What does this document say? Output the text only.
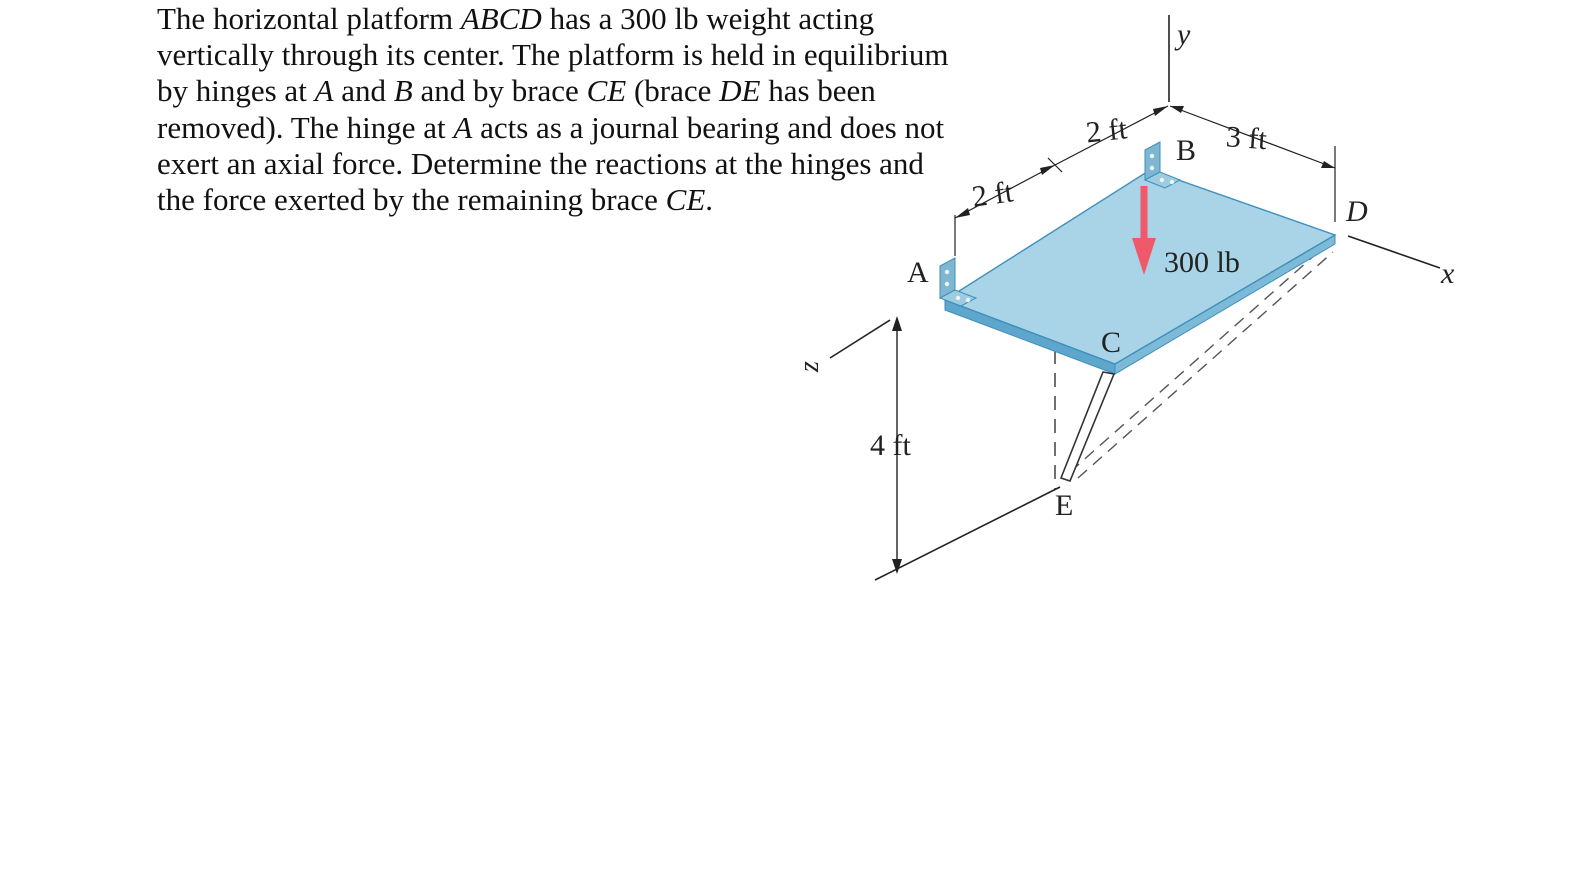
The horizontal platform ABCD has a 300 lb weight acting
vertically through its center. The platform is held in equilibrium
by hinges at A and B and by brace CE (brace DE has been
removed). The hinge at A acts as a journal bearing and does not
exert an axial force. Determine the reactions at the hinges and
the force exerted by the remaining brace CE.

y
x
z
A
B
C
D
E
2 ft
2 ft	3 ft
4 ft
300 lb
